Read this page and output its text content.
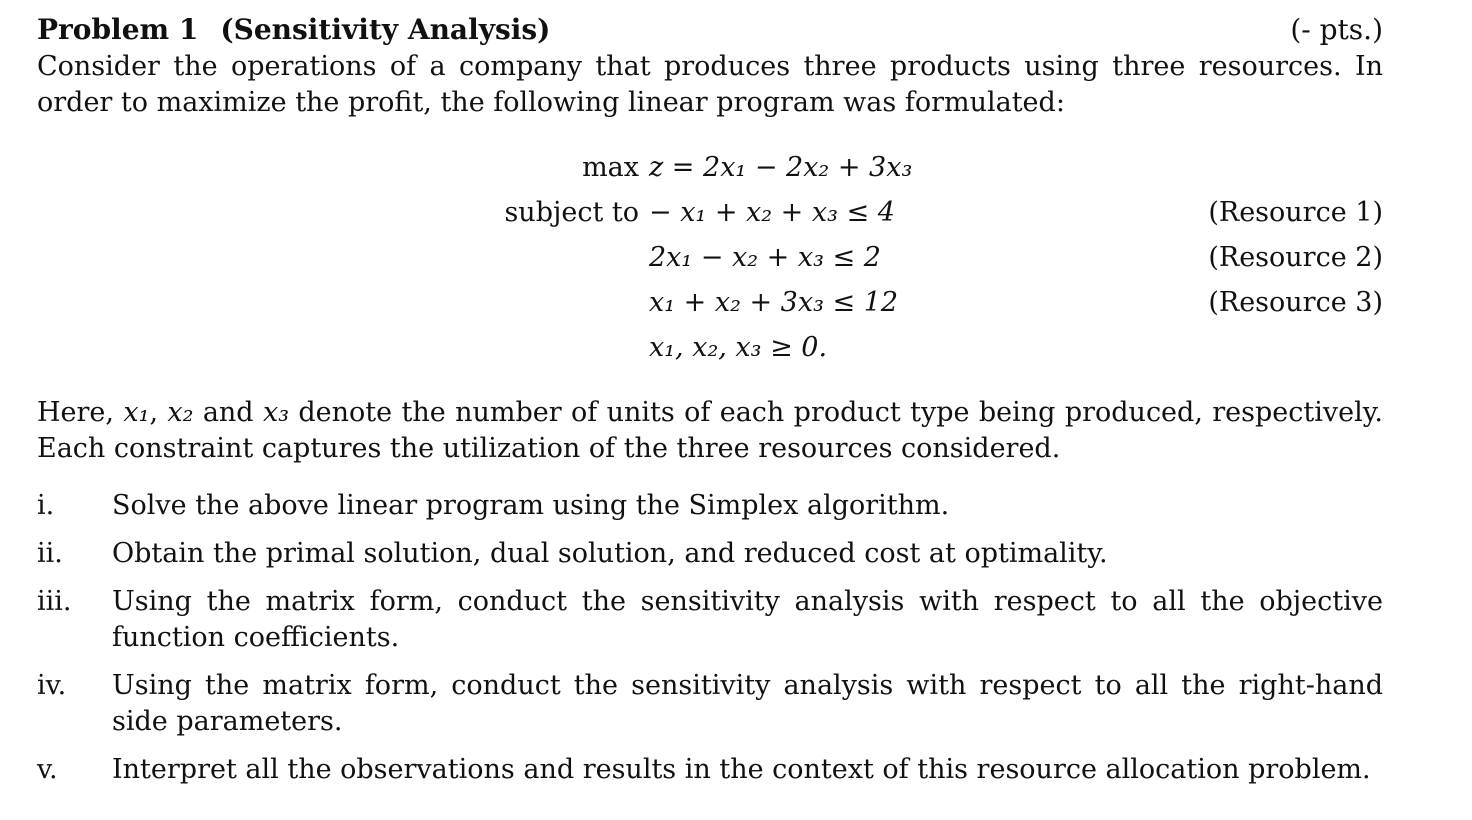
Problem 1 (Sensitivity Analysis)	(- pts.)
Consider the operations of a company that produces three products using three resources. In order to maximize the profit, the following linear program was formulated:
max z = 2x₁ − 2x₂ + 3x₃
subject to − x₁ + x₂ + x₃ ≤ 4	(Resource 1)
2x₁ − x₂ + x₃ ≤ 2	(Resource 2)
x₁ + x₂ + 3x₃ ≤ 12	(Resource 3)
x₁, x₂, x₃ ≥ 0.
Here, x₁, x₂ and x₃ denote the number of units of each product type being produced, respectively. Each constraint captures the utilization of the three resources considered.
i.	Solve the above linear program using the Simplex algorithm.
ii.	Obtain the primal solution, dual solution, and reduced cost at optimality.
iii.	Using the matrix form, conduct the sensitivity analysis with respect to all the objective function coefficients.
iv.	Using the matrix form, conduct the sensitivity analysis with respect to all the right-hand side parameters.
v.	Interpret all the observations and results in the context of this resource allocation problem.
